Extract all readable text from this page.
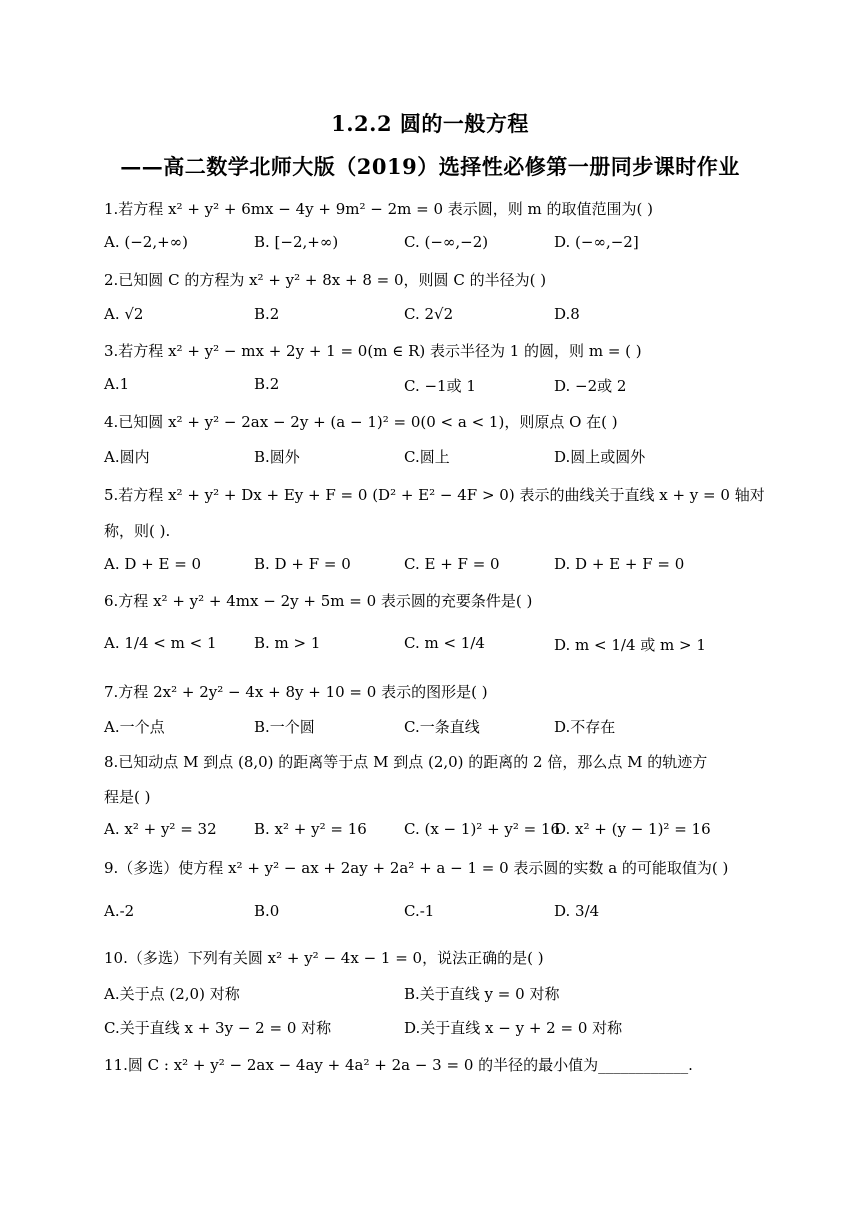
1.2.2 圆的一般方程
——高二数学北师大版（2019）选择性必修第一册同步课时作业
1.若方程 x² + y² + 6mx − 4y + 9m² − 2m = 0 表示圆，则 m 的取值范围为( )
A. (−2,+∞)	B. [−2,+∞)	C. (−∞,−2)	D. (−∞,−2]
2.已知圆 C 的方程为 x² + y² + 8x + 8 = 0，则圆 C 的半径为( )
A. √2	B.2	C. 2√2	D.8
3.若方程 x² + y² − mx + 2y + 1 = 0(m ∈ R) 表示半径为 1 的圆，则 m = ( )
A.1	B.2	C. −1或 1	D. −2或 2
4.已知圆 x² + y² − 2ax − 2y + (a − 1)² = 0(0 < a < 1)，则原点 O 在( )
A.圆内	B.圆外	C.圆上	D.圆上或圆外
5.若方程 x² + y² + Dx + Ey + F = 0 (D² + E² − 4F > 0) 表示的曲线关于直线 x + y = 0 轴对
称，则( ).
A. D + E = 0	B. D + F = 0	C. E + F = 0	D. D + E + F = 0
6.方程 x² + y² + 4mx − 2y + 5m = 0 表示圆的充要条件是( )
A. 1/4 < m < 1	B. m > 1	C. m < 1/4	D. m < 1/4 或 m > 1
7.方程 2x² + 2y² − 4x + 8y + 10 = 0 表示的图形是( )
A.一个点	B.一个圆	C.一条直线	D.不存在
8.已知动点 M 到点 (8,0) 的距离等于点 M 到点 (2,0) 的距离的 2 倍，那么点 M 的轨迹方
程是( )
A. x² + y² = 32 B. x² + y² = 16 C. (x − 1)² + y² = 16
D. x² + (y − 1)² = 16
9.（多选）使方程 x² + y² − ax + 2ay + 2a² + a − 1 = 0 表示圆的实数 a 的可能取值为( )
A.-2	B.0	C.-1	D. 3/4
10.（多选）下列有关圆 x² + y² − 4x − 1 = 0，说法正确的是( )
A.关于点 (2,0) 对称	B.关于直线 y = 0 对称
C.关于直线 x + 3y − 2 = 0 对称	D.关于直线 x − y + 2 = 0 对称
11.圆 C : x² + y² − 2ax − 4ay + 4a² + 2a − 3 = 0 的半径的最小值为____________.
